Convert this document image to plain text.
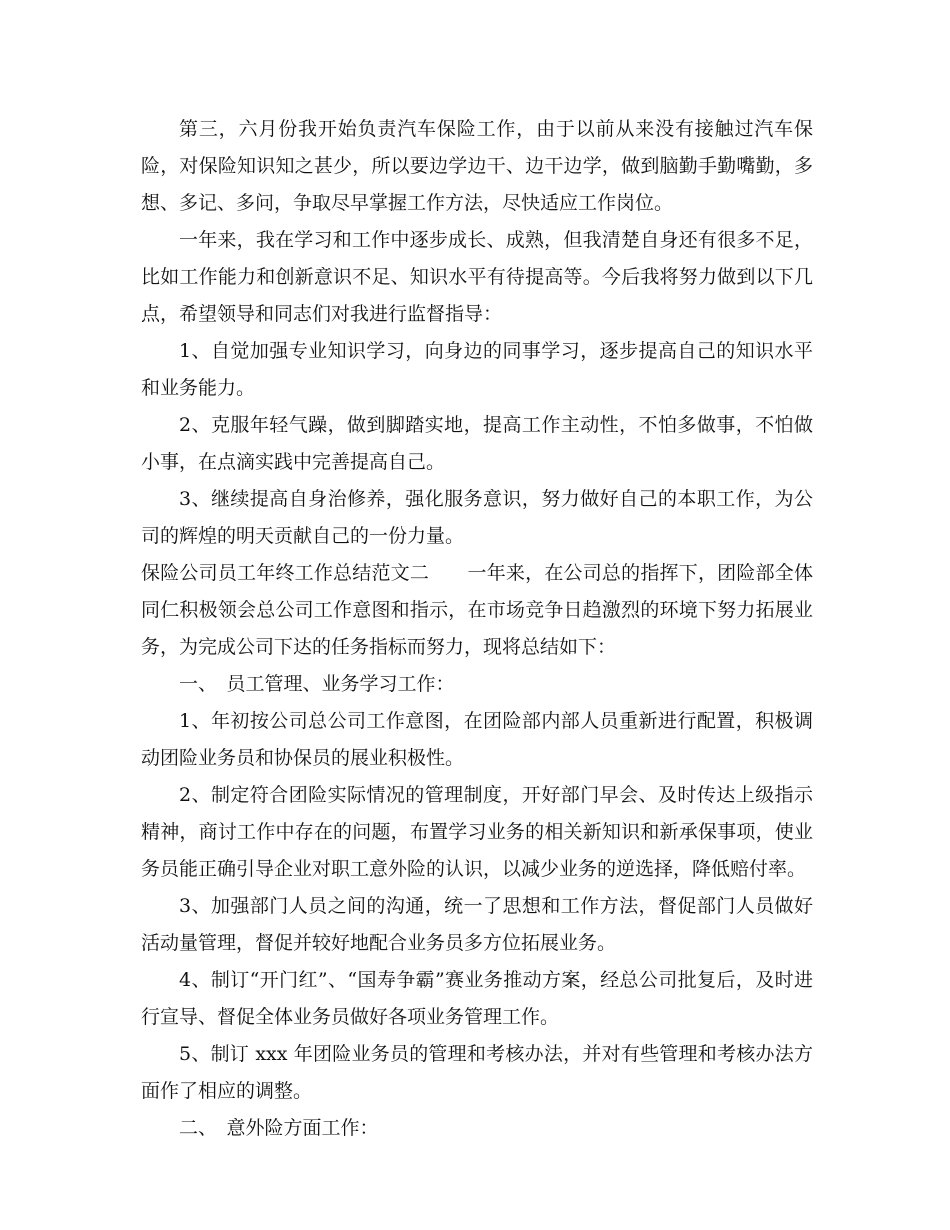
第三，六月份我开始负责汽车保险工作，由于以前从来没有接触过汽车保险，对保险知识知之甚少，所以要边学边干、边干边学，做到脑勤手勤嘴勤，多想、多记、多问，争取尽早掌握工作方法，尽快适应工作岗位。

一年来，我在学习和工作中逐步成长、成熟，但我清楚自身还有很多不足，比如工作能力和创新意识不足、知识水平有待提高等。今后我将努力做到以下几点，希望领导和同志们对我进行监督指导：

1、自觉加强专业知识学习，向身边的同事学习，逐步提高自己的知识水平和业务能力。

2、克服年轻气躁，做到脚踏实地，提高工作主动性，不怕多做事，不怕做小事，在点滴实践中完善提高自己。

3、继续提高自身治修养，强化服务意识，努力做好自己的本职工作，为公司的辉煌的明天贡献自己的一份力量。

保险公司员工年终工作总结范文二　　一年来，在公司总的指挥下，团险部全体同仁积极领会总公司工作意图和指示，在市场竞争日趋激烈的环境下努力拓展业务，为完成公司下达的任务指标而努力，现将总结如下：

一、　员工管理、业务学习工作：

1、年初按公司总公司工作意图，在团险部内部人员重新进行配置，积极调动团险业务员和协保员的展业积极性。

2、制定符合团险实际情况的管理制度，开好部门早会、及时传达上级指示精神，商讨工作中存在的问题，布置学习业务的相关新知识和新承保事项，使业务员能正确引导企业对职工意外险的认识，以减少业务的逆选择，降低赔付率。

3、加强部门人员之间的沟通，统一了思想和工作方法，督促部门人员做好活动量管理，督促并较好地配合业务员多方位拓展业务。

4、制订“开门红”、“国寿争霸”赛业务推动方案，经总公司批复后，及时进行宣导、督促全体业务员做好各项业务管理工作。

5、制订 xxx 年团险业务员的管理和考核办法，并对有些管理和考核办法方面作了相应的调整。

二、　意外险方面工作：
